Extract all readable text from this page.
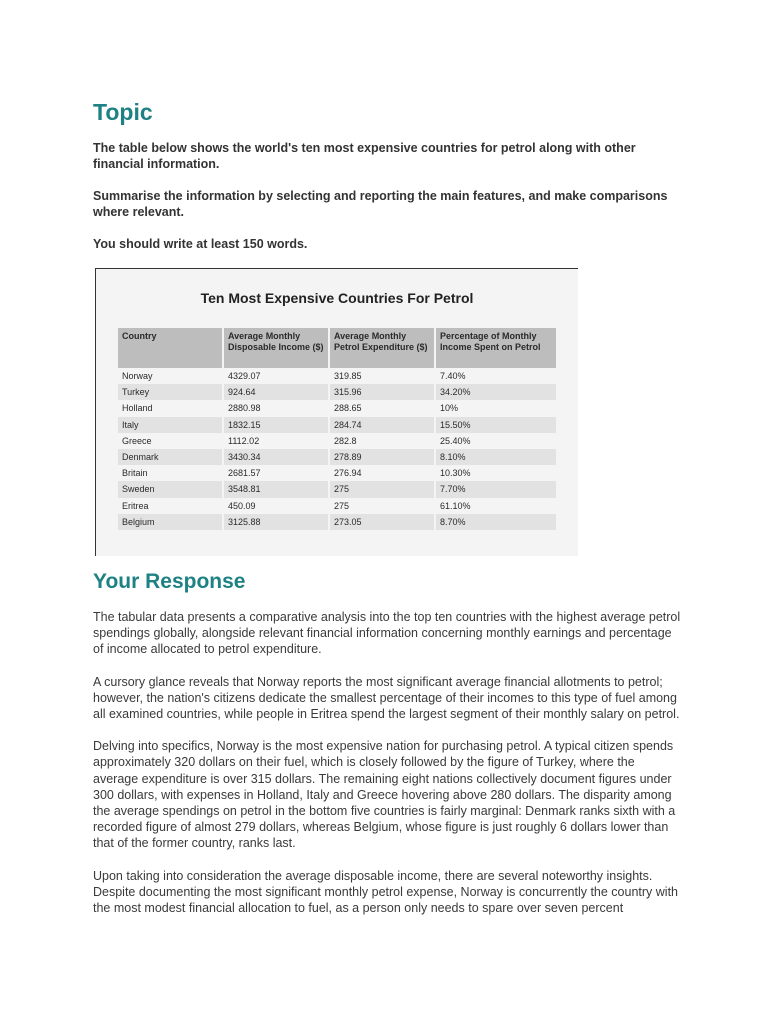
Topic

The table below shows the world's ten most expensive countries for petrol along with other financial information.

Summarise the information by selecting and reporting the main features, and make comparisons where relevant.

You should write at least 150 words.

Ten Most Expensive Countries For Petrol
Country	Average Monthly Disposable Income ($)	Average Monthly Petrol Expenditure ($)	Percentage of Monthly Income Spent on Petrol
Norway	4329.07	319.85	7.40%
Turkey	924.64	315.96	34.20%
Holland	2880.98	288.65	10%
Italy	1832.15	284.74	15.50%
Greece	1112.02	282.8	25.40%
Denmark	3430.34	278.89	8.10%
Britain	2681.57	276.94	10.30%
Sweden	3548.81	275	7.70%
Eritrea	450.09	275	61.10%
Belgium	3125.88	273.05	8.70%
Your Response

The tabular data presents a comparative analysis into the top ten countries with the highest average petrol spendings globally, alongside relevant financial information concerning monthly earnings and percentage of income allocated to petrol expenditure.

A cursory glance reveals that Norway reports the most significant average financial allotments to petrol; however, the nation's citizens dedicate the smallest percentage of their incomes to this type of fuel among all examined countries, while people in Eritrea spend the largest segment of their monthly salary on petrol.

Delving into specifics, Norway is the most expensive nation for purchasing petrol. A typical citizen spends approximately 320 dollars on their fuel, which is closely followed by the figure of Turkey, where the average expenditure is over 315 dollars. The remaining eight nations collectively document figures under 300 dollars, with expenses in Holland, Italy and Greece hovering above 280 dollars. The disparity among the average spendings on petrol in the bottom five countries is fairly marginal: Denmark ranks sixth with a recorded figure of almost 279 dollars, whereas Belgium, whose figure is just roughly 6 dollars lower than that of the former country, ranks last.

Upon taking into consideration the average disposable income, there are several noteworthy insights. Despite documenting the most significant monthly petrol expense, Norway is concurrently the country with the most modest financial allocation to fuel, as a person only needs to spare over seven percent
